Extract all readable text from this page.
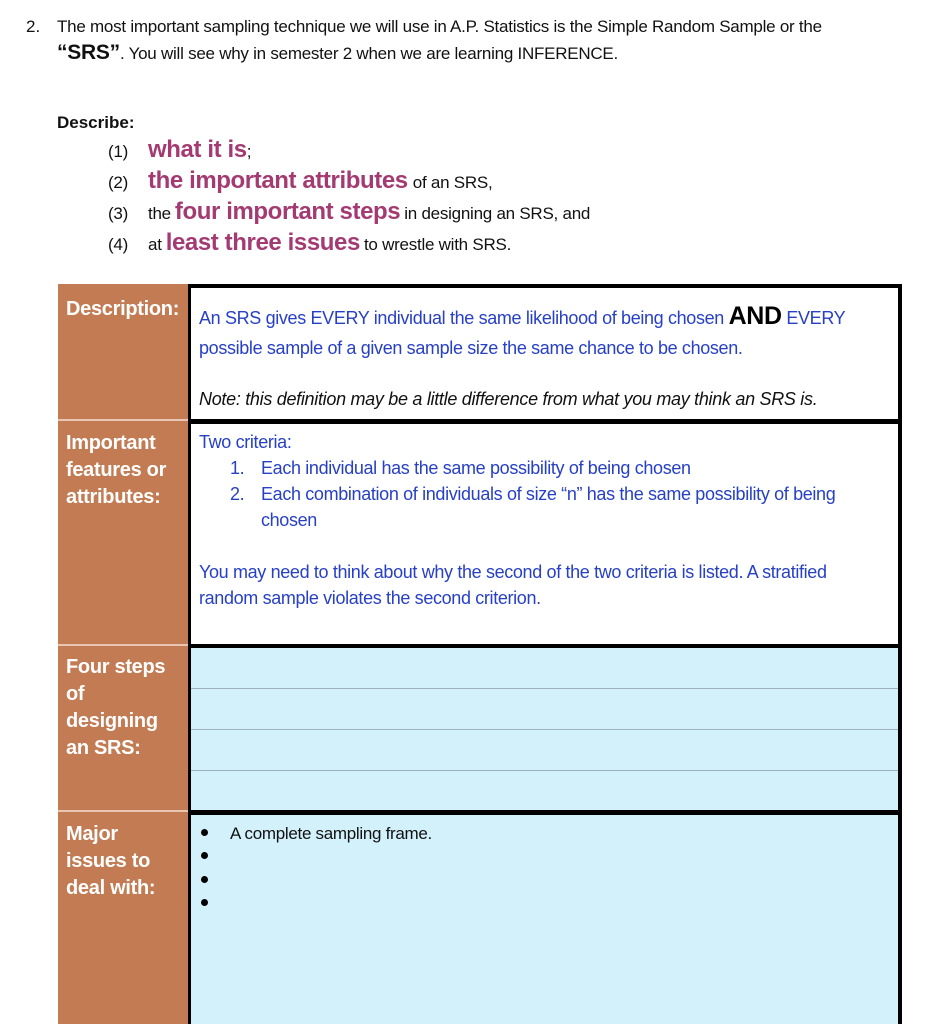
2. The most important sampling technique we will use in A.P. Statistics is the Simple Random Sample or the
“SRS”. You will see why in semester 2 when we are learning INFERENCE.
Describe:
(1) what it is ;
(2) the important attributes of an SRS,
(3)	the four important steps in designing an SRS, and
(4)	at least three issues to wrestle with SRS.
Description:
Important
features or
attributes:
Four steps
of
designing
an SRS:
Major
issues to
deal with:
An SRS gives EVERY individual the same likelihood of being chosen AND EVERY
possible sample of a given sample size the same chance to be chosen.
Note: this definition may be a little difference from what you may think an SRS is.
Two criteria:
1. Each individual has the same possibility of being chosen
2. Each combination of individuals of size “n” has the same possibility of being
chosen
You may need to think about why the second of the two criteria is listed. A stratified
random sample violates the second criterion.
A complete sampling frame.
